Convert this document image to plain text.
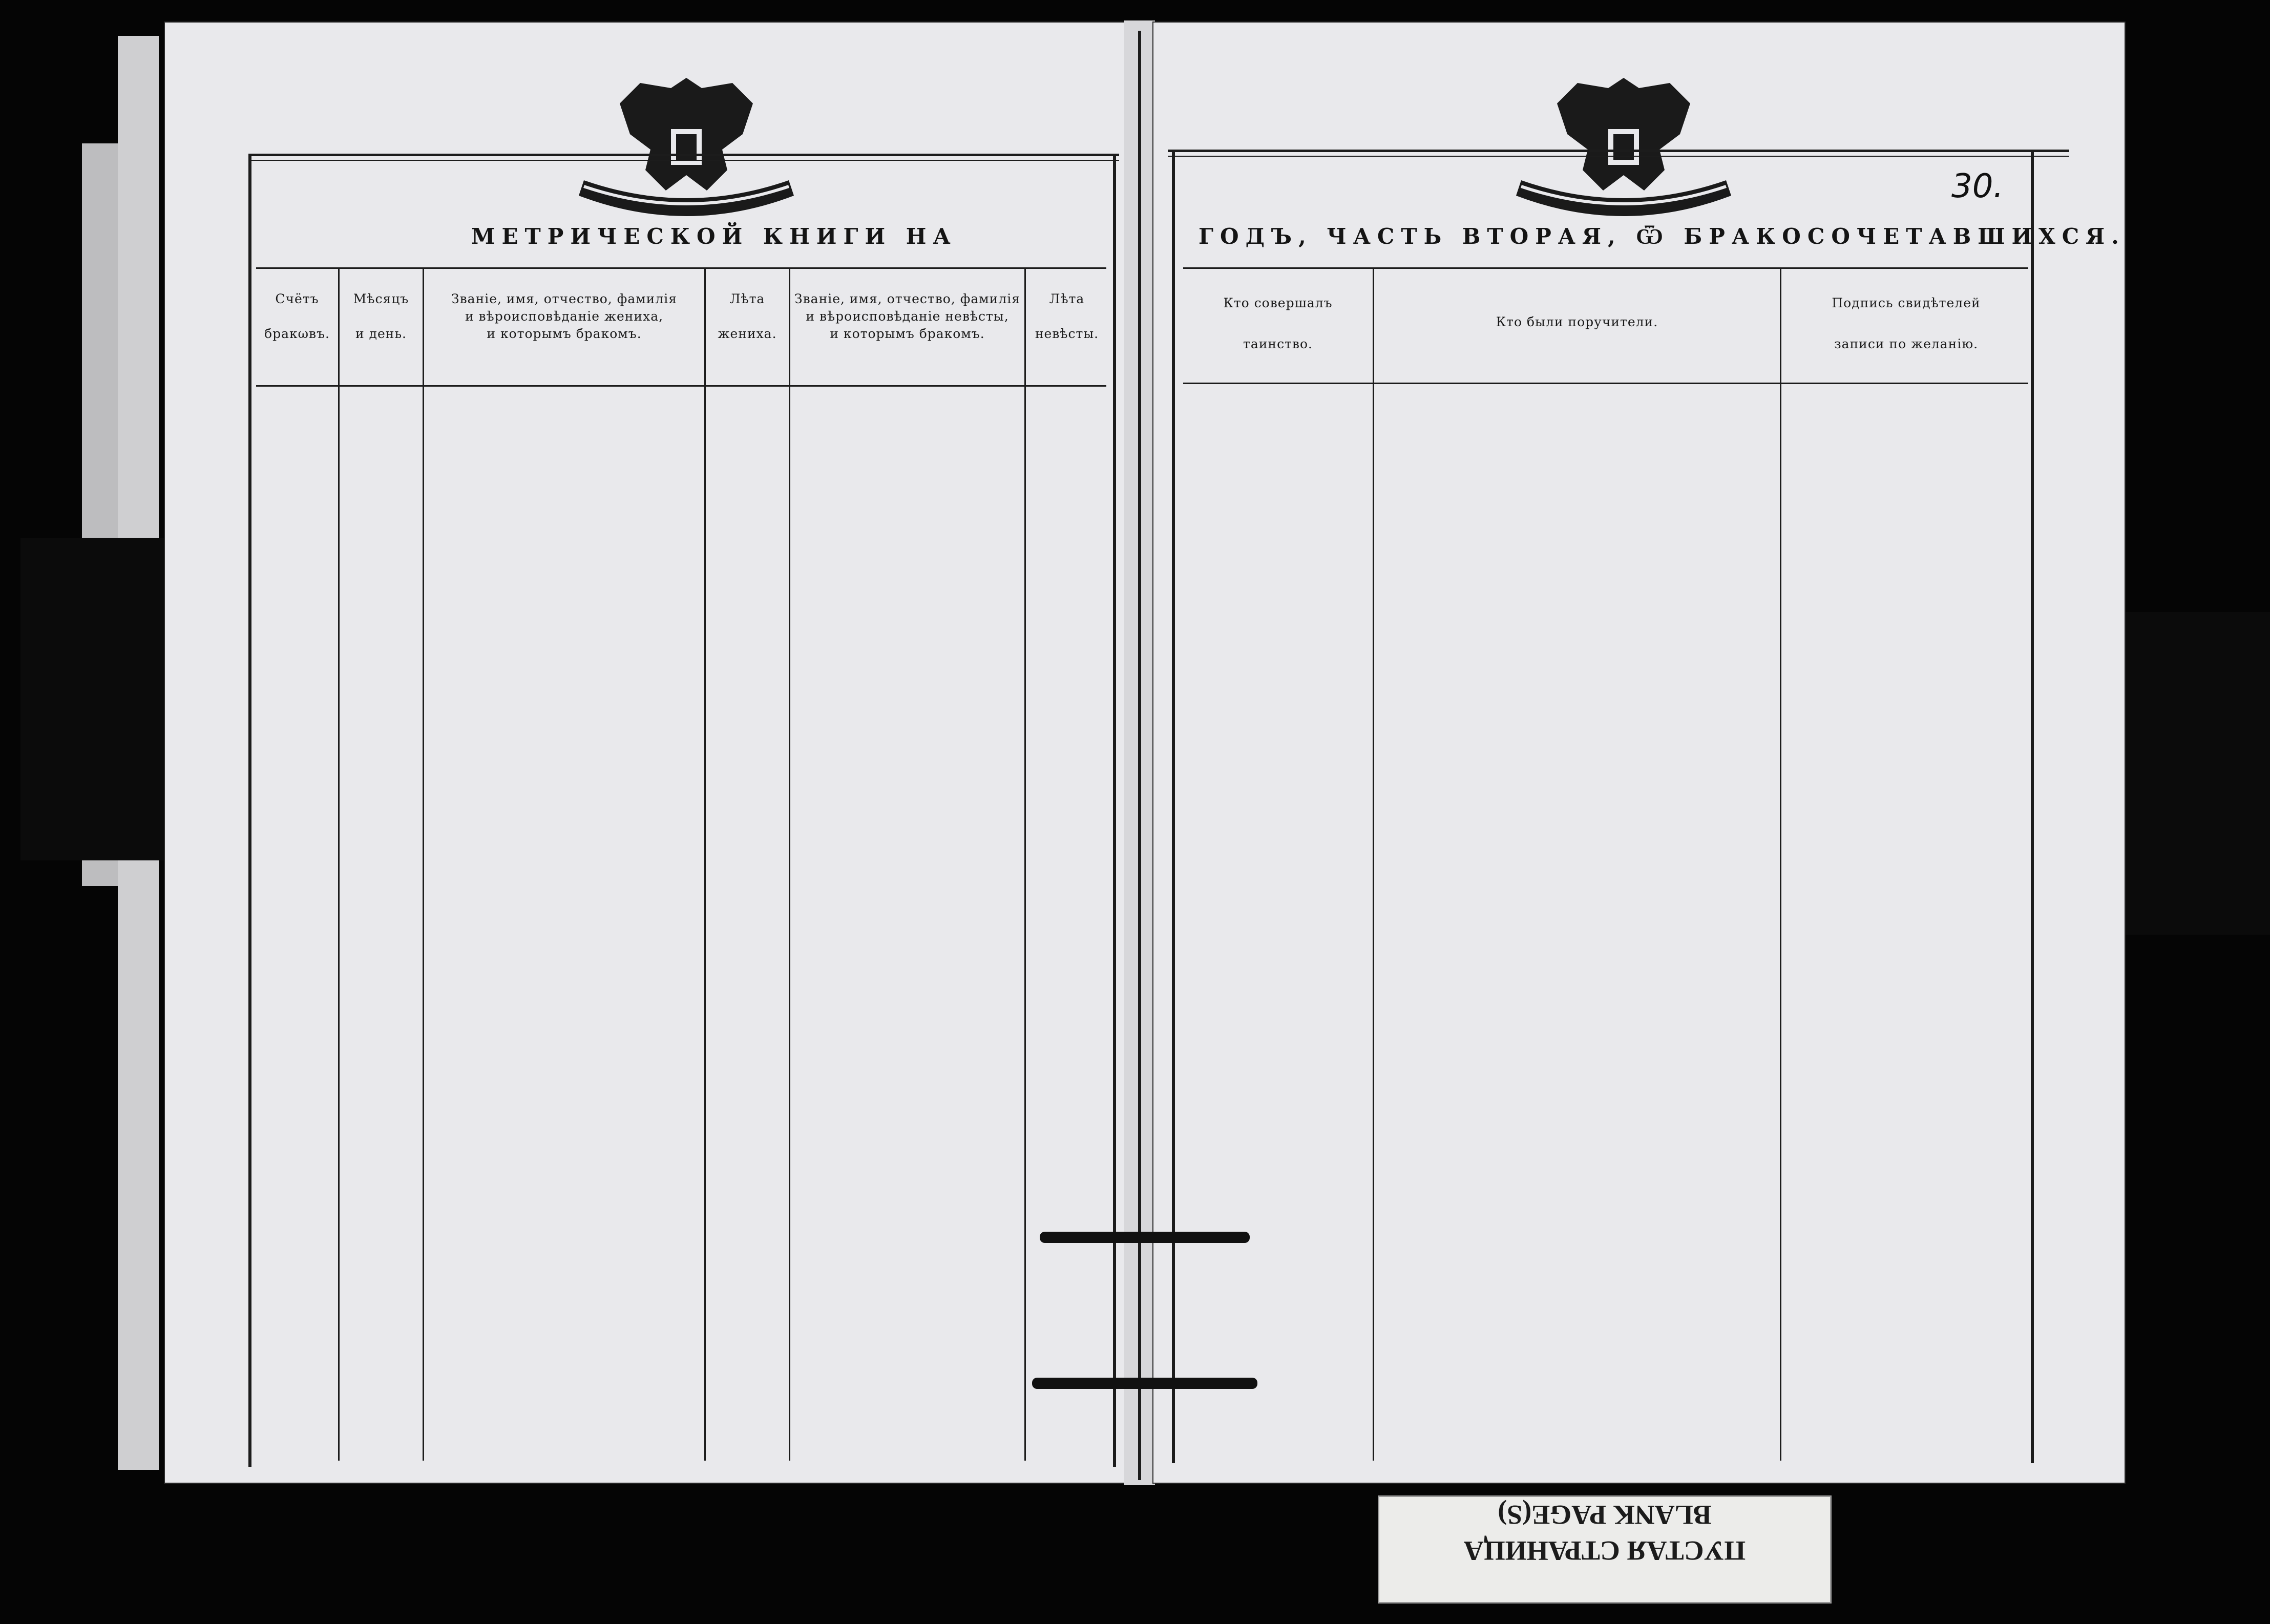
МЕТРИЧЕСКОЙ КНИГИ НА
Счётъ
бракωвъ.
Мѣсяцъ
и день.
Званіе, имя, отчество, фамилія
и вѣроисповѣданіе жениха,
и которымъ бракомъ.
Лѣта
жениха.
Званіе, имя, отчество, фамилія
и вѣроисповѣданіе невѣсты,
и которымъ бракомъ.
Лѣта
невѣсты.
30.
ГОДЪ, ЧАСТЬ ВТОРАЯ, Ѿ БРАКОСОЧЕТАВШИХСЯ.
Кто совершалъ
таинство.
Кто были поручители.
Подпись свидѣтелей
записи по желанію.
ПУСТАЯ СТРАНИЦА
BLANK PAGE(S)
